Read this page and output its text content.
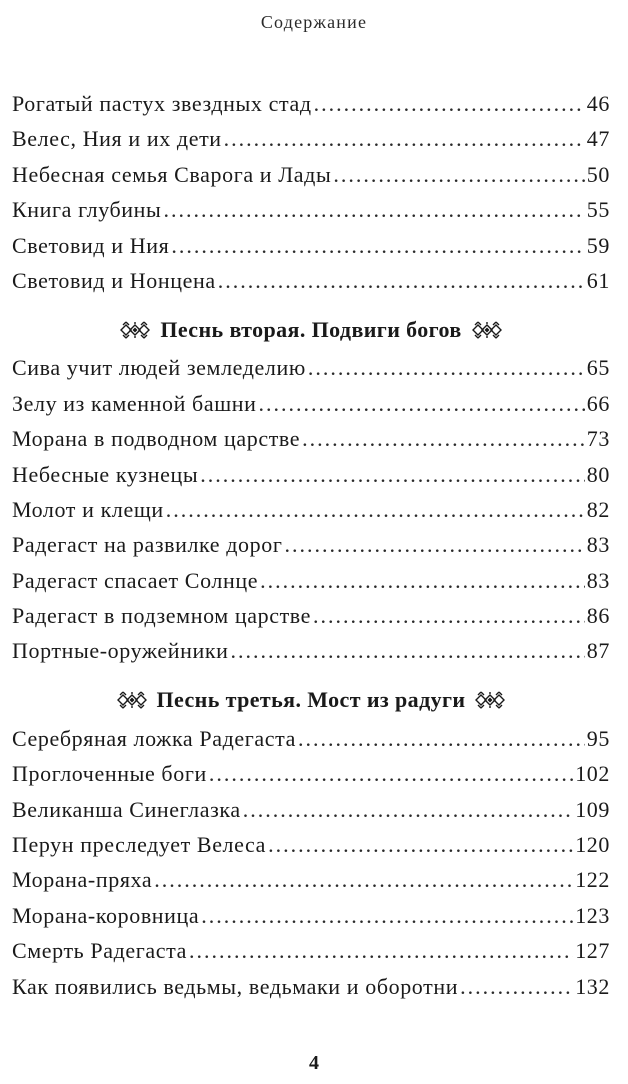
Содержание
Рогатый пастух звездных стад .....	46
Велес, Ния и их дети .....	47
Небесная семья Сварога и Лады .....	50
Книга глубины .....	55
Световид и Ния .....	59
Световид и Нонцена .....	61
Песнь вторая. Подвиги богов
Сива учит людей земледелию .....	65
Зелу из каменной башни .....	66
Морана в подводном царстве .....	73
Небесные кузнецы .....	80
Молот и клещи .....	82
Радегаст на развилке дорог .....	83
Радегаст спасает Солнце .....	83
Радегаст в подземном царстве .....	86
Портные-оружейники .....	87
Песнь третья. Мост из радуги
Серебряная ложка Радегаста .....	95
Проглоченные боги .....	102
Великанша Синеглазка .....	109
Перун преследует Велеса .....	120
Морана-пряха .....	122
Морана-коровница .....	123
Смерть Радегаста .....	127
Как появились ведьмы, ведьмаки и оборотни .....	132
4
